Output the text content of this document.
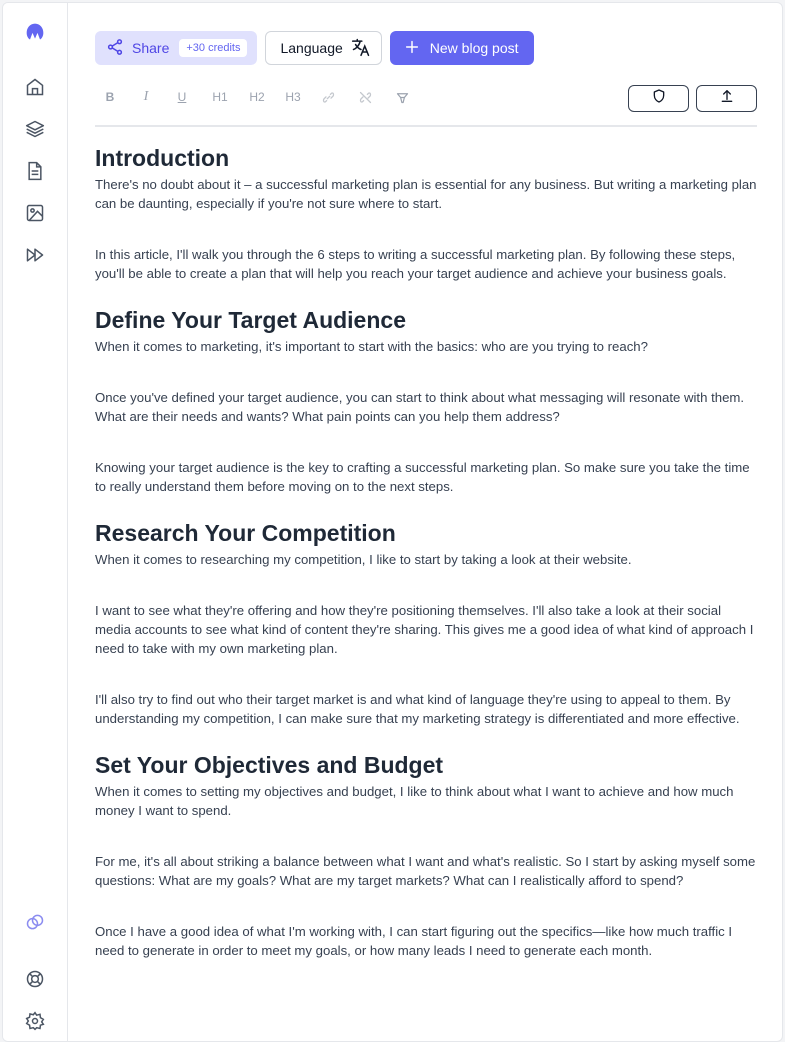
Share	+30 credits	Language	New blog post
B	I	U	H1 H2 H3
Introduction

There's no doubt about it – a successful marketing plan is essential for any business. But writing a marketing plan can be daunting, especially if you're not sure where to start.

In this article, I'll walk you through the 6 steps to writing a successful marketing plan. By following these steps, you'll be able to create a plan that will help you reach your target audience and achieve your business goals.

Define Your Target Audience

When it comes to marketing, it's important to start with the basics: who are you trying to reach?

Once you've defined your target audience, you can start to think about what messaging will resonate with them. What are their needs and wants? What pain points can you help them address?

Knowing your target audience is the key to crafting a successful marketing plan. So make sure you take the time to really understand them before moving on to the next steps.

Research Your Competition

When it comes to researching my competition, I like to start by taking a look at their website.

I want to see what they're offering and how they're positioning themselves. I'll also take a look at their social media accounts to see what kind of content they're sharing. This gives me a good idea of what kind of approach I need to take with my own marketing plan.

I'll also try to find out who their target market is and what kind of language they're using to appeal to them. By understanding my competition, I can make sure that my marketing strategy is differentiated and more effective.

Set Your Objectives and Budget

When it comes to setting my objectives and budget, I like to think about what I want to achieve and how much money I want to spend.

For me, it's all about striking a balance between what I want and what's realistic. So I start by asking myself some questions: What are my goals? What are my target markets? What can I realistically afford to spend?

Once I have a good idea of what I'm working with, I can start figuring out the specifics—like how much traffic I need to generate in order to meet my goals, or how many leads I need to generate each month.
